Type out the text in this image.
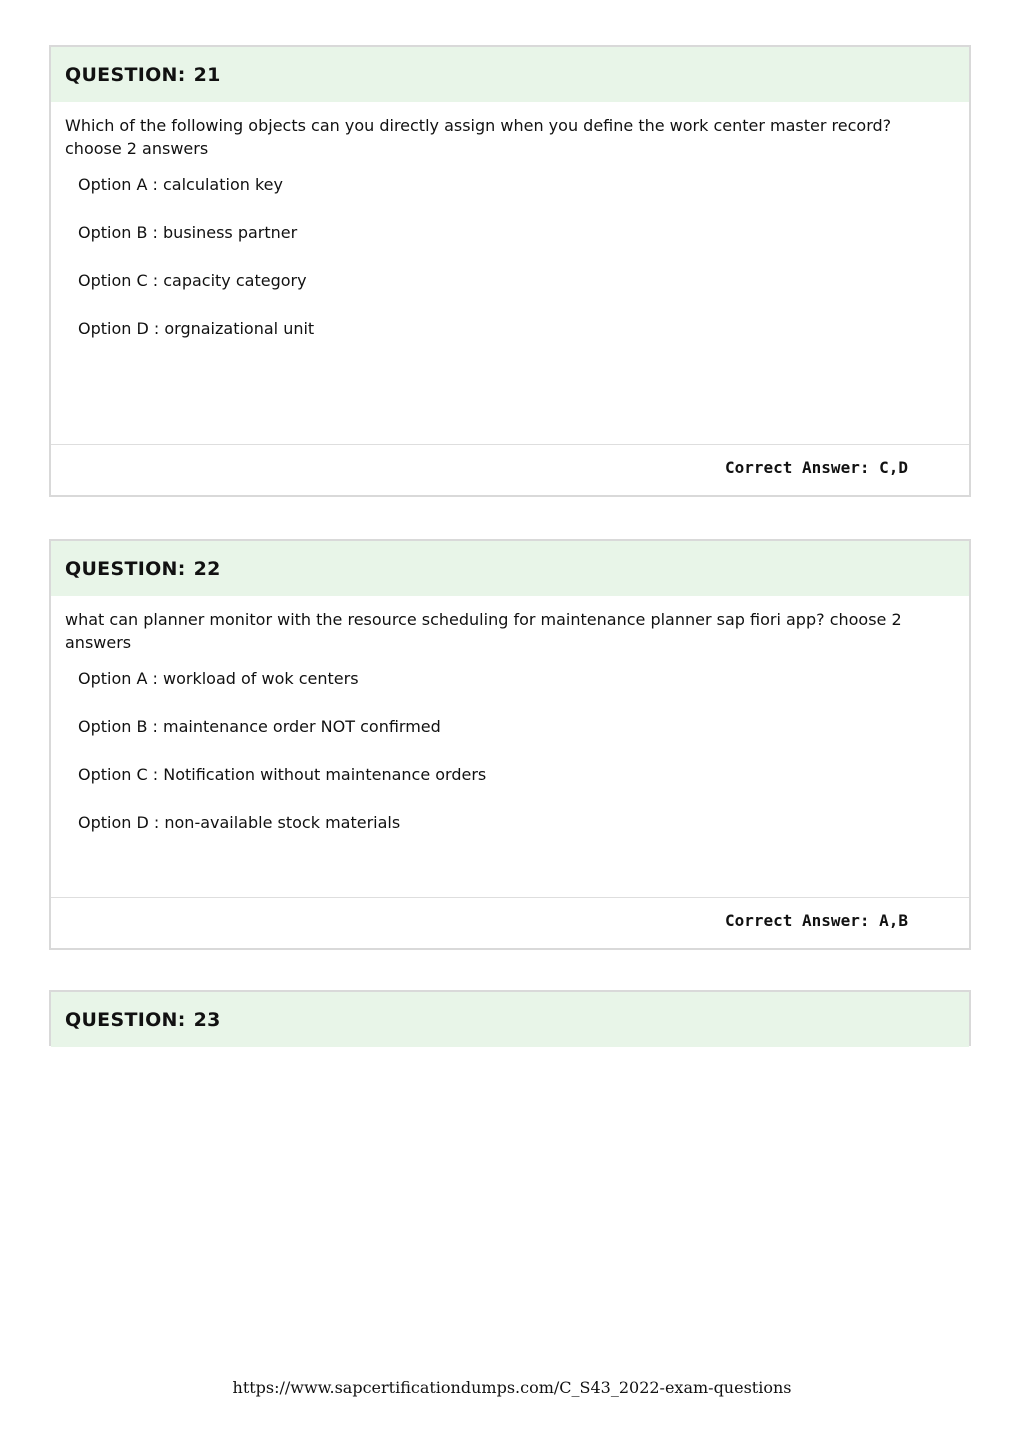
QUESTION: 21

Which of the following objects can you directly assign when you define the work center master record? choose 2 answers

Option A : calculation key
Option B : business partner
Option C : capacity category
Option D : orgnaizational unit
Correct Answer: C,D
QUESTION: 22

what can planner monitor with the resource scheduling for maintenance planner sap fiori app? choose 2 answers

Option A : workload of wok centers
Option B : maintenance order NOT confirmed
Option C : Notification without maintenance orders
Option D : non-available stock materials
Correct Answer: A,B
QUESTION: 23
https://www.sapcertificationdumps.com/C_S43_2022-exam-questions
